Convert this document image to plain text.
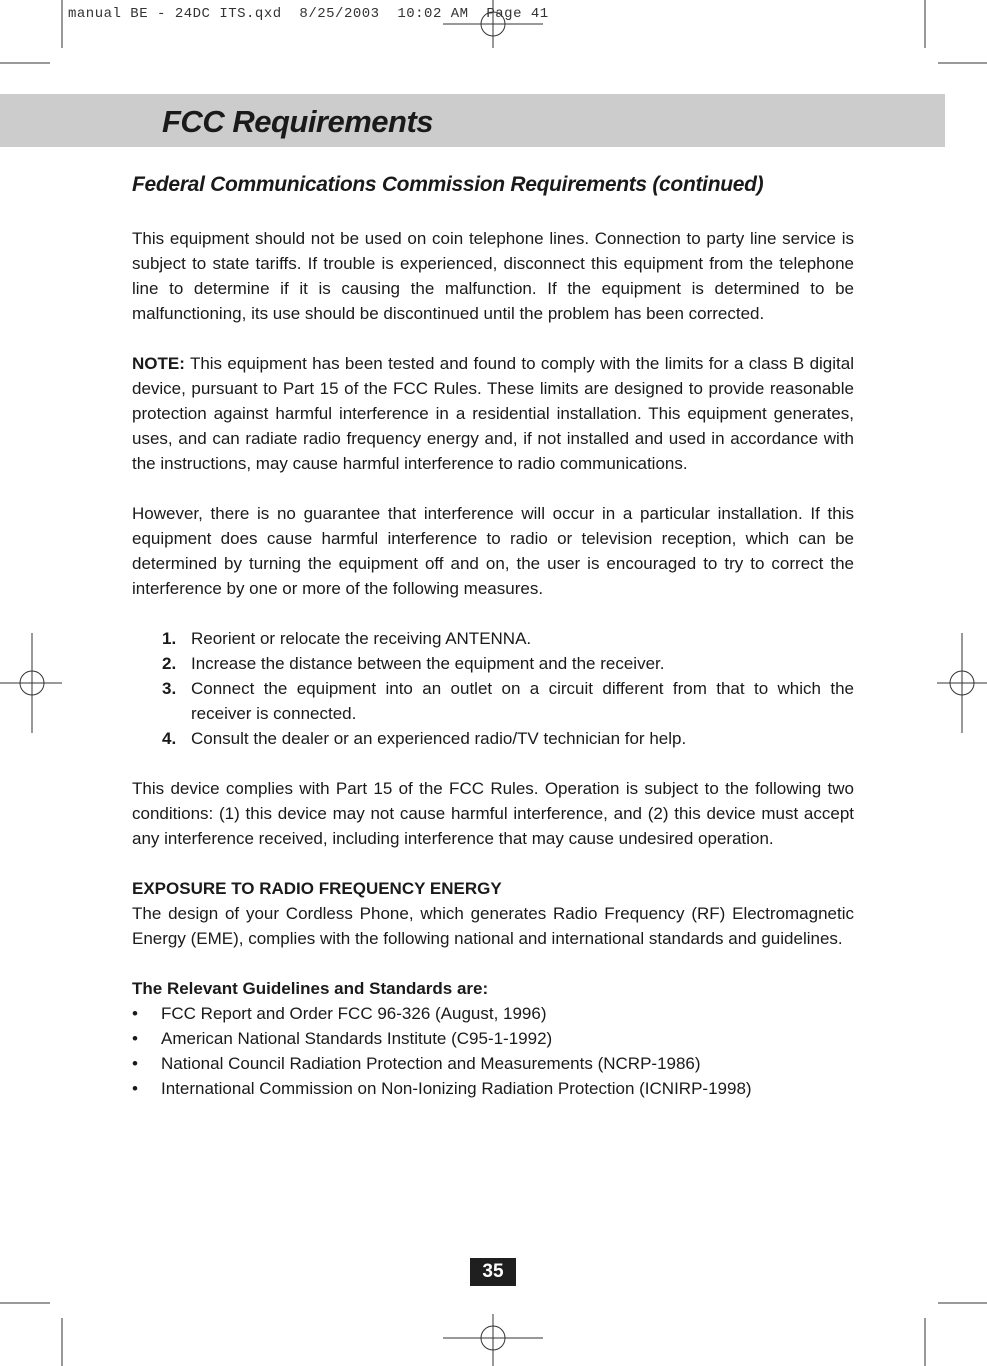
manual BE - 24DC ITS.qxd  8/25/2003  10:02 AM  Page 41
FCC Requirements
Federal Communications Commission Requirements (continued)

This equipment should not be used on coin telephone lines. Connection to party line service is subject to state tariffs. If trouble is experienced, disconnect this equipment from the telephone line to determine if it is causing the malfunction. If the equipment is determined to be malfunctioning, its use should be discontinued until the problem has been corrected.

NOTE: This equipment has been tested and found to comply with the limits for a class B digital device, pursuant to Part 15 of the FCC Rules. These limits are designed to provide reasonable protection against harmful interference in a residential installation. This equipment generates, uses, and can radiate radio frequency energy and, if not installed and used in accordance with the instructions, may cause harmful interference to radio communications.

However, there is no guarantee that interference will occur in a particular installation. If this equipment does cause harmful interference to radio or television reception, which can be determined by turning the equipment off and on, the user is encouraged to try to correct the interference by one or more of the following measures.

1. Reorient or relocate the receiving ANTENNA.
2. Increase the distance between the equipment and the receiver.
3. Connect the equipment into an outlet on a circuit different from that to which the receiver is connected.
4. Consult the dealer or an experienced radio/TV technician for help.

This device complies with Part 15 of the FCC Rules. Operation is subject to the following two conditions: (1) this device may not cause harmful interference, and (2) this device must accept any interference received, including interference that may cause undesired operation.

EXPOSURE TO RADIO FREQUENCY ENERGY

The design of your Cordless Phone, which generates Radio Frequency (RF) Electromagnetic Energy (EME), complies with the following national and international standards and guidelines.

The Relevant Guidelines and Standards are:
•	FCC Report and Order FCC 96-326 (August, 1996)
•	American National Standards Institute (C95-1-1992)
•	National Council Radiation Protection and Measurements (NCRP-1986)
•	International Commission on Non-Ionizing Radiation Protection (ICNIRP-1998)
35
